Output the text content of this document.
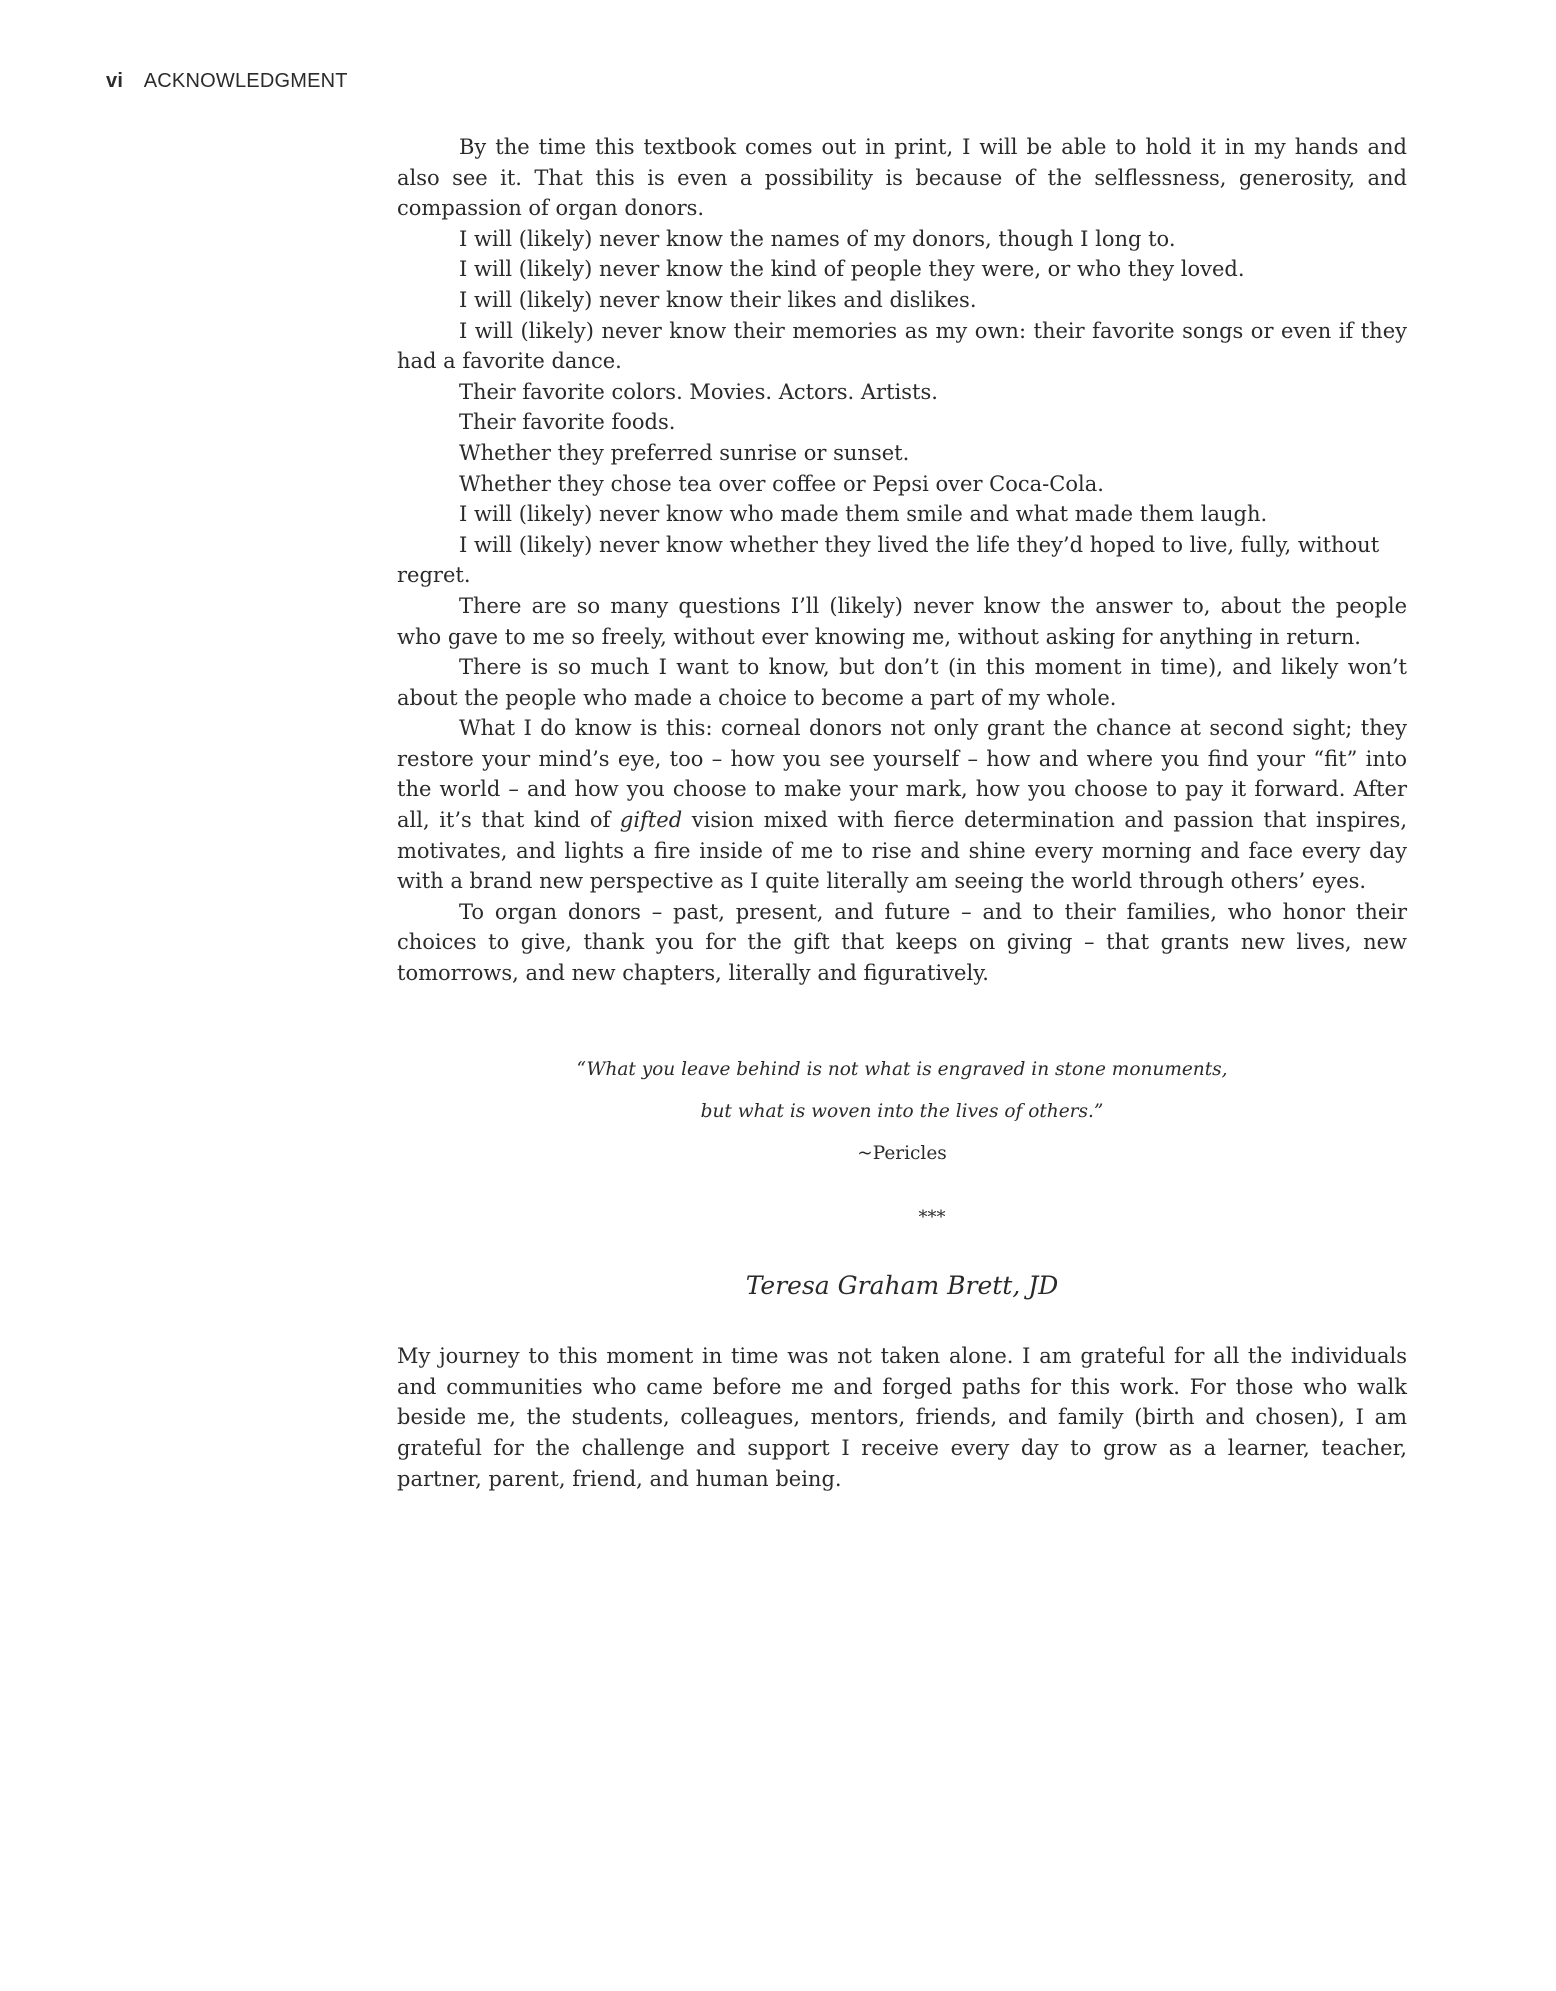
vi ACKNOWLEDGMENT

By the time this textbook comes out in print, I will be able to hold it in my hands and also see it. That this is even a possibility is because of the selflessness, generosity, and compassion of organ donors.

I will (likely) never know the names of my donors, though I long to.

I will (likely) never know the kind of people they were, or who they loved.

I will (likely) never know their likes and dislikes.

I will (likely) never know their memories as my own: their favorite songs or even if they had a favorite dance.

Their favorite colors. Movies. Actors. Artists.

Their favorite foods.

Whether they preferred sunrise or sunset.

Whether they chose tea over coffee or Pepsi over Coca-Cola.

I will (likely) never know who made them smile and what made them laugh.

I will (likely) never know whether they lived the life they’d hoped to live, fully, without regret.

There are so many questions I’ll (likely) never know the answer to, about the people who gave to me so freely, without ever knowing me, without asking for anything in return.

There is so much I want to know, but don’t (in this moment in time), and likely won’t about the people who made a choice to become a part of my whole.

What I do know is this: corneal donors not only grant the chance at second sight; they restore your mind’s eye, too – how you see yourself – how and where you find your “fit” into the world – and how you choose to make your mark, how you choose to pay it forward. After all, it’s that kind of gifted vision mixed with fierce determination and passion that inspires, motivates, and lights a fire inside of me to rise and shine every morning and face every day with a brand new perspective as I quite literally am seeing the world through others’ eyes.

To organ donors – past, present, and future – and to their families, who honor their choices to give, thank you for the gift that keeps on giving – that grants new lives, new tomorrows, and new chapters, literally and figuratively.

“What you leave behind is not what is engraved in stone monuments,
but what is woven into the lives of others.”
~Pericles
***
Teresa Graham Brett, JD

My journey to this moment in time was not taken alone. I am grateful for all the individuals and communities who came before me and forged paths for this work. For those who walk beside me, the students, colleagues, mentors, friends, and family (birth and chosen), I am grateful for the challenge and support I receive every day to grow as a learner, teacher, partner, parent, friend, and human being.
